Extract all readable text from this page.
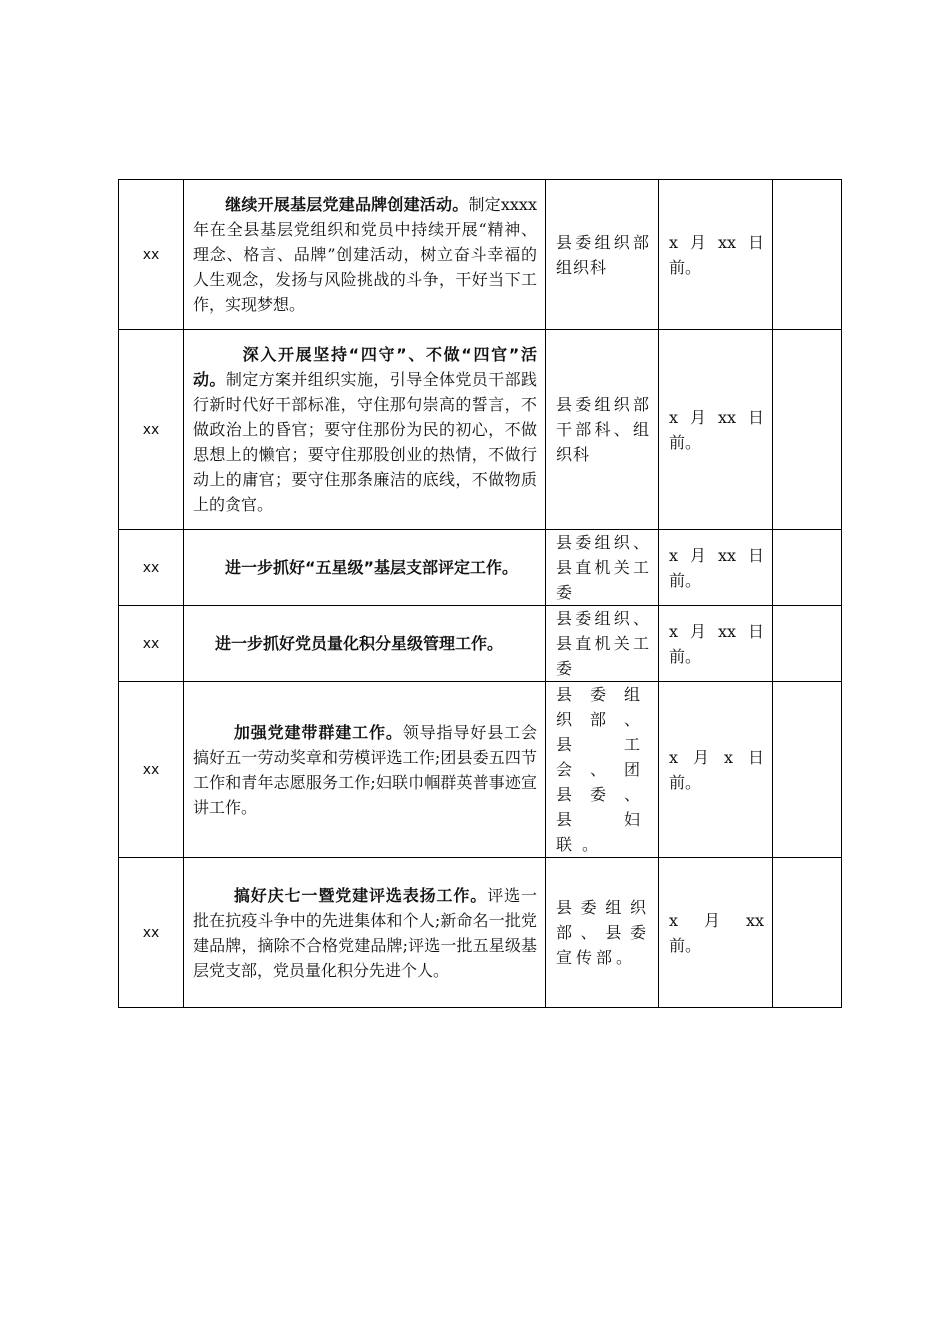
xx	继续开展基层党建品牌创建活动。制定xxxx年在全县基层党组织和党员中持续开展“精神、理念、格言、品牌”创建活动，树立奋斗幸福的人生观念，发扬与风险挑战的斗争，干好当下工作，实现梦想。	县委组织部组织科	x 月 xx 日
前。	

xx	深入开展坚持“四守”、不做“四官”活动。制定方案并组织实施，引导全体党员干部践行新时代好干部标准，守住那句崇高的誓言，不做政治上的昏官；要守住那份为民的初心，不做思想上的懒官；要守住那股创业的热情，不做行动上的庸官；要守住那条廉洁的底线，不做物质上的贪官。	县委组织部干部科、组织科	x 月 xx 日
前。	

xx	进一步抓好“五星级”基层支部评定工作。	县委组织、县直机关工委	x 月 xx 日
前。	

xx	进一步抓好党员量化积分星级管理工作。	县委组织、县直机关工委	x 月 xx 日
前。	

xx	加强党建带群建工作。领导指导好县工会搞好五一劳动奖章和劳模评选工作;团县委五四节工作和青年志愿服务工作;妇联巾帼群英普事迹宣讲工作。	县委组织部、县工会、团县委、县妇联。	x 月 x 日
前。	

xx	搞好庆七一暨党建评选表扬工作。评选一批在抗疫斗争中的先进集体和个人;新命名一批党建品牌，摘除不合格党建品牌;评选一批五星级基层党支部，党员量化积分先进个人。	县委组织部、县委宣传部。	x 月 xx
前。	
